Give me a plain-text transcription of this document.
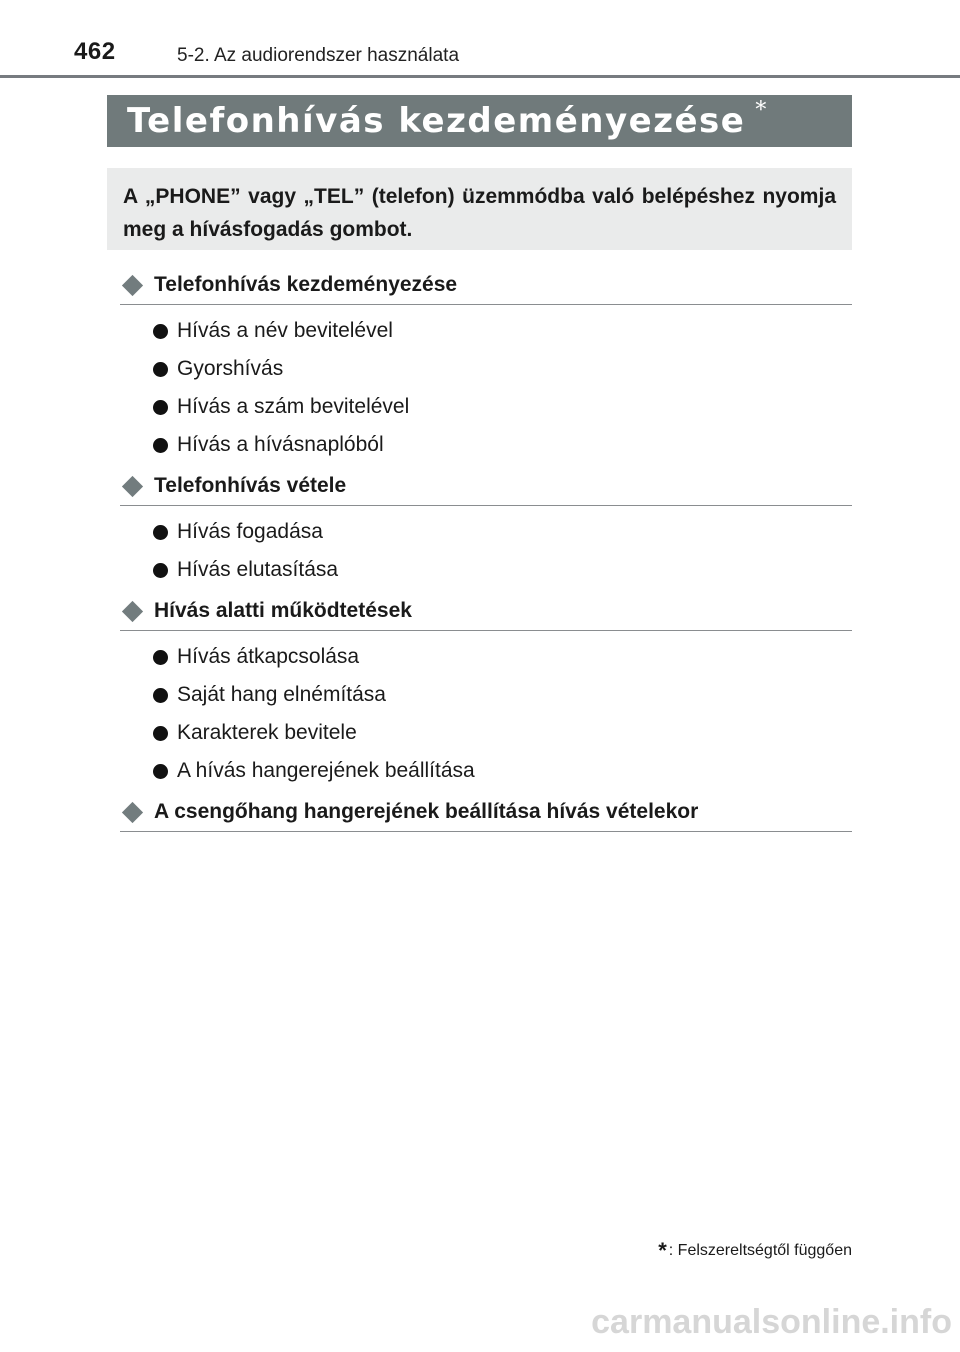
462	5-2. Az audiorendszer használata
Telefonhívás kezdeményezése *
A „PHONE” vagy „TEL” (telefon) üzemmódba való belépéshez nyomja meg a hívásfogadás gombot.
Telefonhívás kezdeményezése
Hívás a név bevitelével
Gyorshívás
Hívás a szám bevitelével
Hívás a hívásnaplóból
Telefonhívás vétele
Hívás fogadása
Hívás elutasítása
Hívás alatti működtetések
Hívás átkapcsolása
Saját hang elnémítása
Karakterek bevitele
A hívás hangerejének beállítása
A csengőhang hangerejének beállítása hívás vételekor
* : Felszereltségtől függően
carmanualsonline.info
